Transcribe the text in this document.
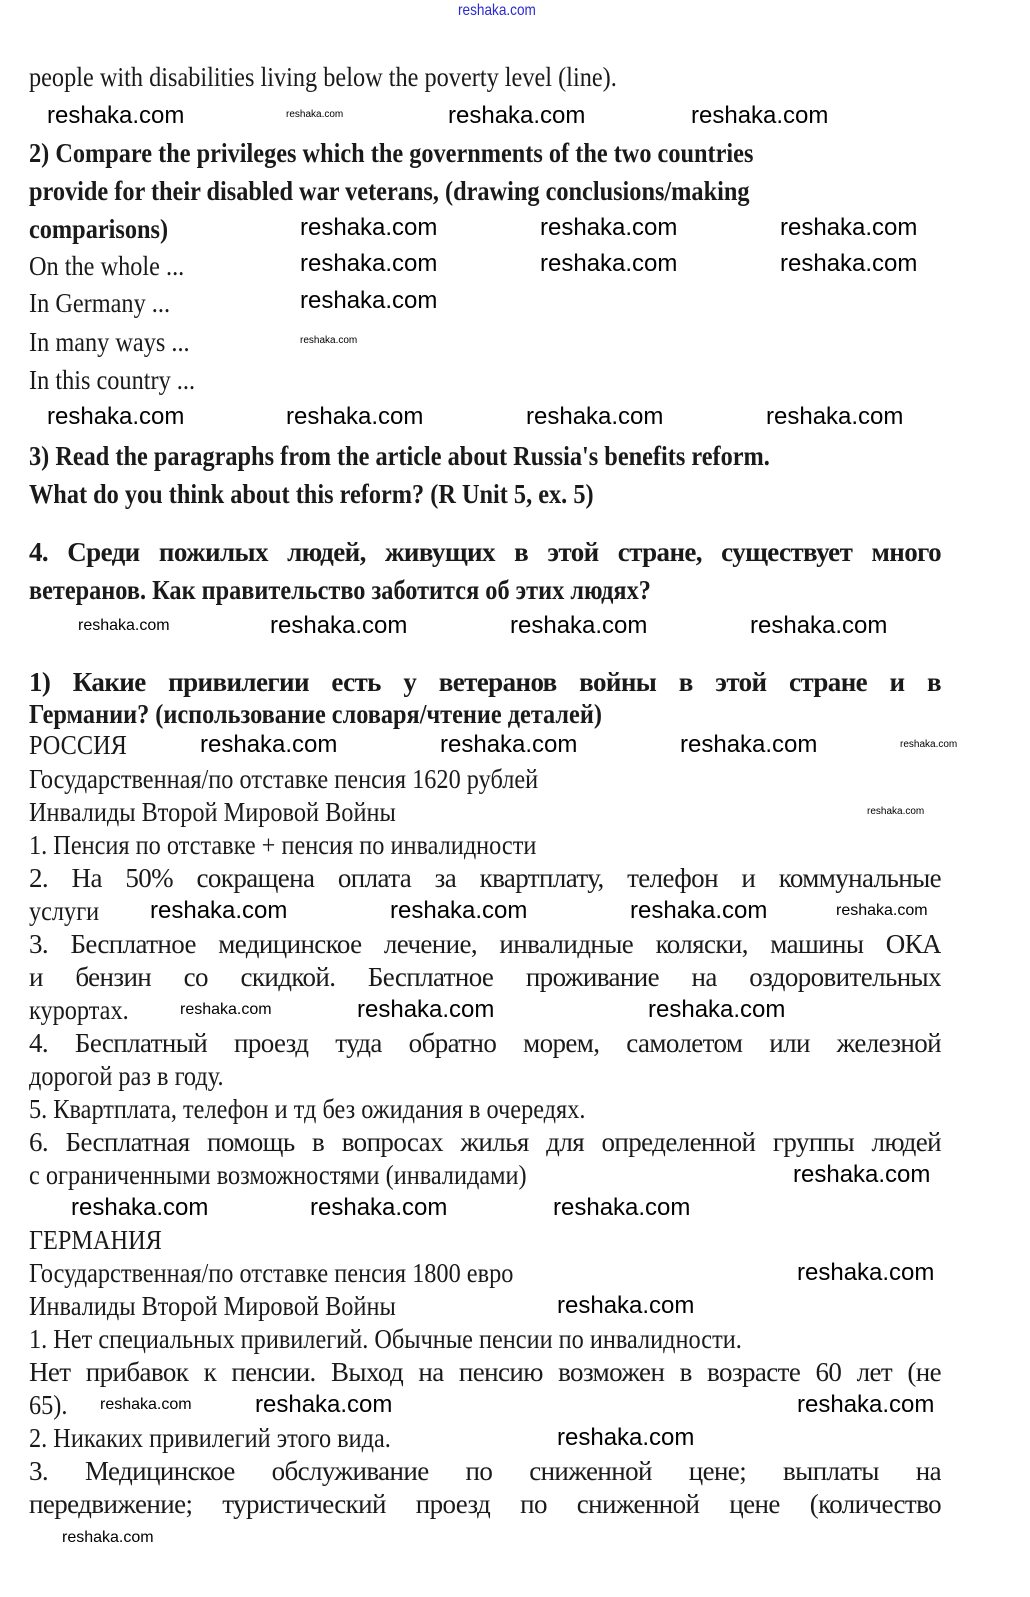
reshaka.com
people with disabilities living below the poverty level (line).
2) Compare the privileges which the governments of the two countries
provide for their disabled war veterans, (drawing conclusions/making
comparisons)
On the whole ...
In Germany ...
In many ways ...
In this country ...
3) Read the paragraphs from the article about Russia's benefits reform.
What do you think about this reform? (R Unit 5, ex. 5)
4. Среди пожилых людей, живущих в этой стране, существует много
ветеранов. Как правительство заботится об этих людях?
1) Какие привилегии есть у ветеранов войны в этой стране и в
Германии? (использование словаря/чтение деталей)
РОССИЯ
Государственная/по отставке пенсия 1620 рублей
Инвалиды Второй Мировой Войны
1. Пенсия по отставке + пенсия по инвалидности
2. На 50% сокращена оплата за квартплату, телефон и коммунальные
услуги
3. Бесплатное медицинское лечение, инвалидные коляски, машины ОКА
и бензин со скидкой. Бесплатное проживание на оздоровительных
курортах.
4. Бесплатный проезд туда обратно морем, самолетом или железной
дорогой раз в году.
5. Квартплата, телефон и тд без ожидания в очередях.
6. Бесплатная помощь в вопросах жилья для определенной группы людей
с ограниченными возможностями (инвалидами)
ГЕРМАНИЯ
Государственная/по отставке пенсия 1800 евро
Инвалиды Второй Мировой Войны
1. Нет специальных привилегий. Обычные пенсии по инвалидности.
Нет прибавок к пенсии. Выход на пенсию возможен в возрасте 60 лет (не
65).
2. Никаких привилегий этого вида.
3. Медицинское обслуживание по сниженной цене; выплаты на
передвижение; туристический проезд по сниженной цене (количество
reshaka.com	reshaka.com	reshaka.com	reshaka.com
reshaka.com	reshaka.com	reshaka.com
reshaka.com
reshaka.com	reshaka.com	reshaka.com	reshaka.com
reshaka.com	reshaka.com	reshaka.com
reshaka.com
reshaka.com	reshaka.com	reshaka.com	reshaka.com
reshaka.com	reshaka.com	reshaka.com	reshaka.com
reshaka.com
reshaka.com	reshaka.com	reshaka.com	reshaka.com
reshaka.com	reshaka.com
reshaka.com
reshaka.com
reshaka.com	reshaka.com	reshaka.com
reshaka.com
reshaka.com
reshaka.com	reshaka.com	reshaka.com
reshaka.com
reshaka.com
